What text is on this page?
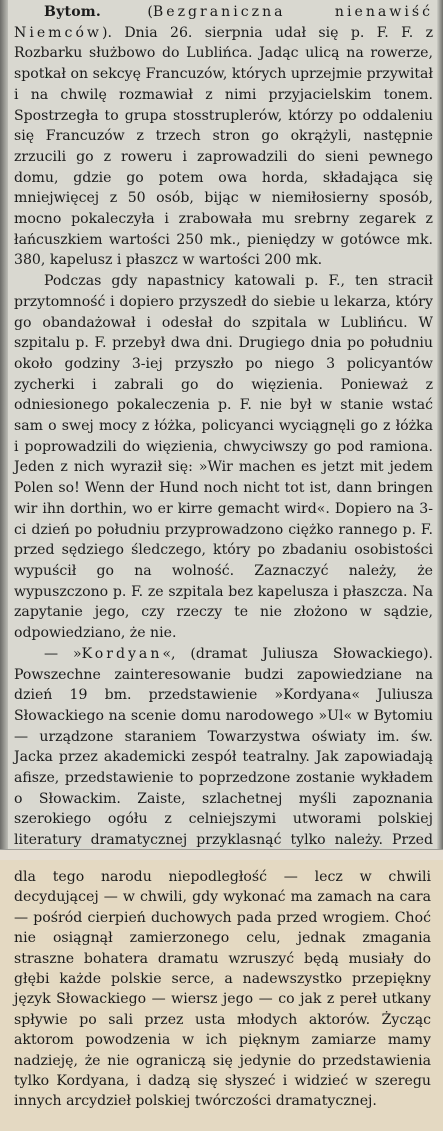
Bytom. (Bezgraniczna nienawiść Niemców). Dnia 26. sierpnia udał się p. F. F. z Rozbarku służbowo do Lublińca. Jadąc ulicą na rowerze, spotkał on sekcyę Francuzów, których uprzejmie przywitał i na chwilę rozmawiał z nimi przyjacielskim tonem. Spostrzegła to grupa stosstruplerów, którzy po oddaleniu się Francuzów z trzech stron go okrążyli, następnie zrzucili go z roweru i zaprowadzili do sieni pewnego domu, gdzie go potem owa horda, składająca się mniejwięcej z 50 osób, bijąc w niemiłosierny sposób, mocno pokaleczyła i zrabowała mu srebrny zegarek z łańcuszkiem wartości 250 mk., pieniędzy w gotówce mk. 380, kapelusz i płaszcz w wartości 200 mk.

Podczas gdy napastnicy katowali p. F., ten stracił przytomność i dopiero przyszedł do siebie u lekarza, który go obandażował i odesłał do szpitala w Lublińcu. W szpitalu p. F. przebył dwa dni. Drugiego dnia po południu około godziny 3-iej przyszło po niego 3 policyantów zycherki i zabrali go do więzienia. Ponieważ z odniesionego pokaleczenia p. F. nie był w stanie wstać sam o swej mocy z łóżka, policyanci wyciągnęli go z łóżka i poprowadzili do więzienia, chwyciwszy go pod ramiona. Jeden z nich wyraził się: »Wir machen es jetzt mit jedem Polen so! Wenn der Hund noch nicht tot ist, dann bringen wir ihn dorthin, wo er kirre gemacht wird«. Dopiero na 3-ci dzień po południu przyprowadzono ciężko rannego p. F. przed sędziego śledczego, który po zbadaniu osobistości wypuścił go na wolność. Zaznaczyć należy, że wypuszczono p. F. ze szpitala bez kapelusza i płaszcza. Na zapytanie jego, czy rzeczy te nie złożono w sądzie, odpowiedziano, że nie.

— »Kordyan«, (dramat Juliusza Słowackiego). Powszechne zainteresowanie budzi zapowiedziane na dzień 19 bm. przedstawienie »Kordyana« Juliusza Słowackiego na scenie domu narodowego »Ul« w Bytomiu — urządzone staraniem Towarzystwa oświaty im. św. Jacka przez akademicki zespół teatralny. Jak zapowiadają afisze, przedstawienie to poprzedzone zostanie wykładem o Słowackim. Zaiste, szlachetnej myśli zapoznania szerokiego ogółu z celniejszymi utworami polskiej literatury dramatycznej przyklasnąć tylko należy. Przed

dla tego narodu niepodległość — lecz w chwili decydującej — w chwili, gdy wykonać ma zamach na cara — pośród cierpień duchowych pada przed wrogiem. Choć nie osiągnął zamierzonego celu, jednak zmagania straszne bohatera dramatu wzruszyć będą musiały do głębi każde polskie serce, a nadewszystko przepiękny język Słowackiego — wiersz jego — co jak z pereł utkany spływie po sali przez usta młodych aktorów. Życząc aktorom powodzenia w ich pięknym zamiarze mamy nadzieję, że nie ograniczą się jedynie do przedstawienia tylko Kordyana, i dadzą się słyszeć i widzieć w szeregu innych arcydzieł polskiej twórczości dramatycznej.
